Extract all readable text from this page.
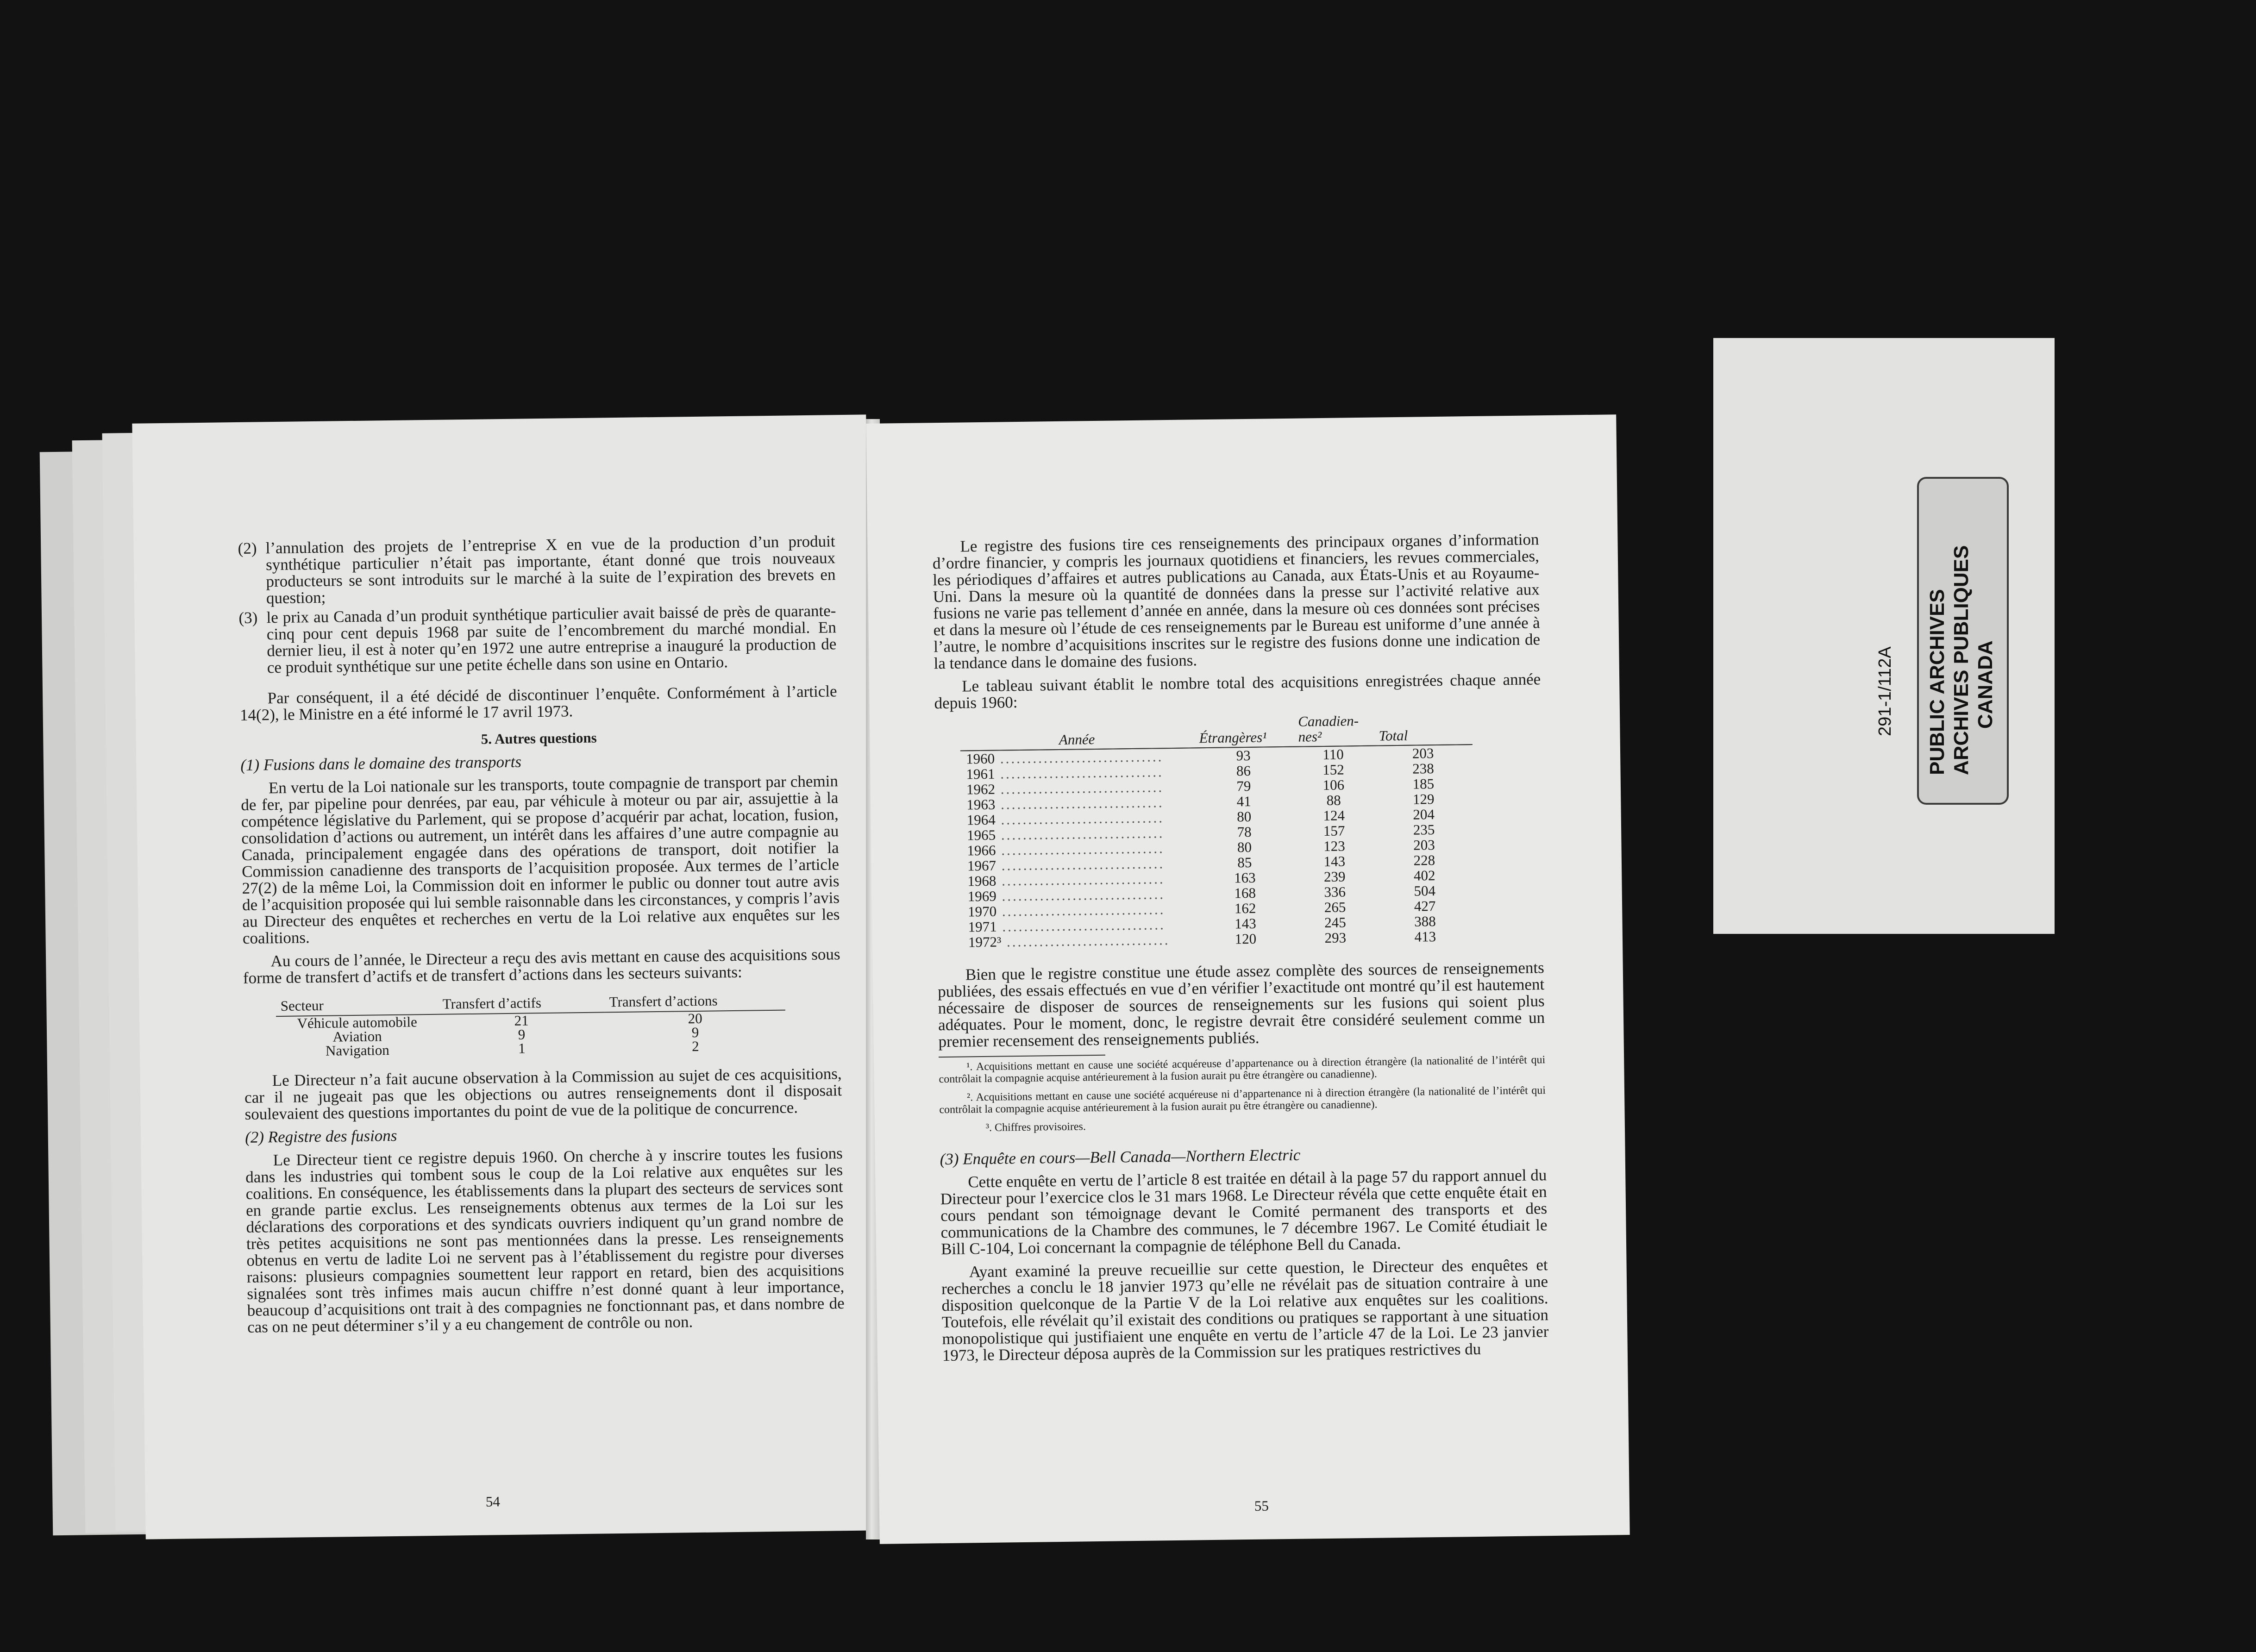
(2) l’annulation des projets de l’entreprise X en vue de la production d’un produit synthétique particulier n’était pas importante, étant donné que trois nouveaux producteurs se sont introduits sur le marché à la suite de l’expiration des brevets en question;
(3) le prix au Canada d’un produit synthétique particulier avait baissé de près de quarante-cinq pour cent depuis 1968 par suite de l’encombrement du marché mondial. En dernier lieu, il est à noter qu’en 1972 une autre entreprise a inauguré la production de ce produit synthétique sur une petite échelle dans son usine en Ontario.

Par conséquent, il a été décidé de discontinuer l’enquête. Conformément à l’article 14(2), le Ministre en a été informé le 17 avril 1973.

5. Autres questions
(1) Fusions dans le domaine des transports

En vertu de la Loi nationale sur les transports, toute compagnie de transport par chemin de fer, par pipeline pour denrées, par eau, par véhicule à moteur ou par air, assujettie à la compétence législative du Parlement, qui se propose d’acquérir par achat, location, fusion, consolidation d’actions ou autrement, un intérêt dans les affaires d’une autre compagnie au Canada, principalement engagée dans des opérations de transport, doit notifier la Commission canadienne des transports de l’acquisition proposée. Aux termes de l’article 27(2) de la même Loi, la Commission doit en informer le public ou donner tout autre avis de l’acquisition proposée qui lui semble raisonnable dans les circonstances, y compris l’avis au Directeur des enquêtes et recherches en vertu de la Loi relative aux enquêtes sur les coalitions.

Au cours de l’année, le Directeur a reçu des avis mettant en cause des acquisitions sous forme de transfert d’actifs et de transfert d’actions dans les secteurs suivants:

Secteur	Transfert d’actifs	Transfert d’actions
Véhicule automobile	21	20
Aviation	9	9
Navigation	1	2

Le Directeur n’a fait aucune observation à la Commission au sujet de ces acquisitions, car il ne jugeait pas que les objections ou autres renseignements dont il disposait soulevaient des questions importantes du point de vue de la politique de concurrence.

(2) Registre des fusions

Le Directeur tient ce registre depuis 1960. On cherche à y inscrire toutes les fusions dans les industries qui tombent sous le coup de la Loi relative aux enquêtes sur les coalitions. En conséquence, les établissements dans la plupart des secteurs de services sont en grande partie exclus. Les renseignements obtenus aux termes de la Loi sur les déclarations des corporations et des syndicats ouvriers indiquent qu’un grand nombre de très petites acquisitions ne sont pas mentionnées dans la presse. Les renseignements obtenus en vertu de ladite Loi ne servent pas à l’établissement du registre pour diverses raisons: plusieurs compagnies soumettent leur rapport en retard, bien des acquisitions signalées sont très infimes mais aucun chiffre n’est donné quant à leur importance, beaucoup d’acquisitions ont trait à des compagnies ne fonctionnant pas, et dans nombre de cas on ne peut déterminer s’il y a eu changement de contrôle ou non.

54

Le registre des fusions tire ces renseignements des principaux organes d’information d’ordre financier, y compris les journaux quotidiens et financiers, les revues commerciales, les périodiques d’affaires et autres publications au Canada, aux États-Unis et au Royaume-Uni. Dans la mesure où la quantité de données dans la presse sur l’activité relative aux fusions ne varie pas tellement d’année en année, dans la mesure où ces données sont précises et dans la mesure où l’étude de ces renseignements par le Bureau est uniforme d’une année à l’autre, le nombre d’acquisitions inscrites sur le registre des fusions donne une indication de la tendance dans le domaine des fusions.

Le tableau suivant établit le nombre total des acquisitions enregistrées chaque année depuis 1960:

Année	Étrangères¹	Canadien-nes²	Total
1960 ..............................	93	110	203
1961 ..............................	86	152	238
1962 ..............................	79	106	185
1963 ..............................	41	88	129
1964 ..............................	80	124	204
1965 ..............................	78	157	235
1966 ..............................	80	123	203
1967 ..............................	85	143	228
1968 ..............................	163	239	402
1969 ..............................	168	336	504
1970 ..............................	162	265	427
1971 ..............................	143	245	388
1972³ ..............................	120	293	413

Bien que le registre constitue une étude assez complète des sources de renseignements publiées, des essais effectués en vue d’en vérifier l’exactitude ont montré qu’il est hautement nécessaire de disposer de sources de renseignements sur les fusions qui soient plus adéquates. Pour le moment, donc, le registre devrait être considéré seulement comme un premier recensement des renseignements publiés.

¹. Acquisitions mettant en cause une société acquéreuse d’appartenance ou à direction étrangère (la nationalité de l’intérêt qui contrôlait la compagnie acquise antérieurement à la fusion aurait pu être étrangère ou canadienne).

². Acquisitions mettant en cause une société acquéreuse ni d’appartenance ni à direction étrangère (la nationalité de l’intérêt qui contrôlait la compagnie acquise antérieurement à la fusion aurait pu être étrangère ou canadienne).

³. Chiffres provisoires.

(3) Enquête en cours—Bell Canada—Northern Electric

Cette enquête en vertu de l’article 8 est traitée en détail à la page 57 du rapport annuel du Directeur pour l’exercice clos le 31 mars 1968. Le Directeur révéla que cette enquête était en cours pendant son témoignage devant le Comité permanent des transports et des communications de la Chambre des communes, le 7 décembre 1967. Le Comité étudiait le Bill C-104, Loi concernant la compagnie de téléphone Bell du Canada.

Ayant examiné la preuve recueillie sur cette question, le Directeur des enquêtes et recherches a conclu le 18 janvier 1973 qu’elle ne révélait pas de situation contraire à une disposition quelconque de la Partie V de la Loi relative aux enquêtes sur les coalitions. Toutefois, elle révélait qu’il existait des conditions ou pratiques se rapportant à une situation monopolistique qui justifiaient une enquête en vertu de l’article 47 de la Loi. Le 23 janvier 1973, le Directeur déposa auprès de la Commission sur les pratiques restrictives du

55
291-1/112A PUBLIC ARCHIVES ARCHIVES PUBLIQUES CANADA
